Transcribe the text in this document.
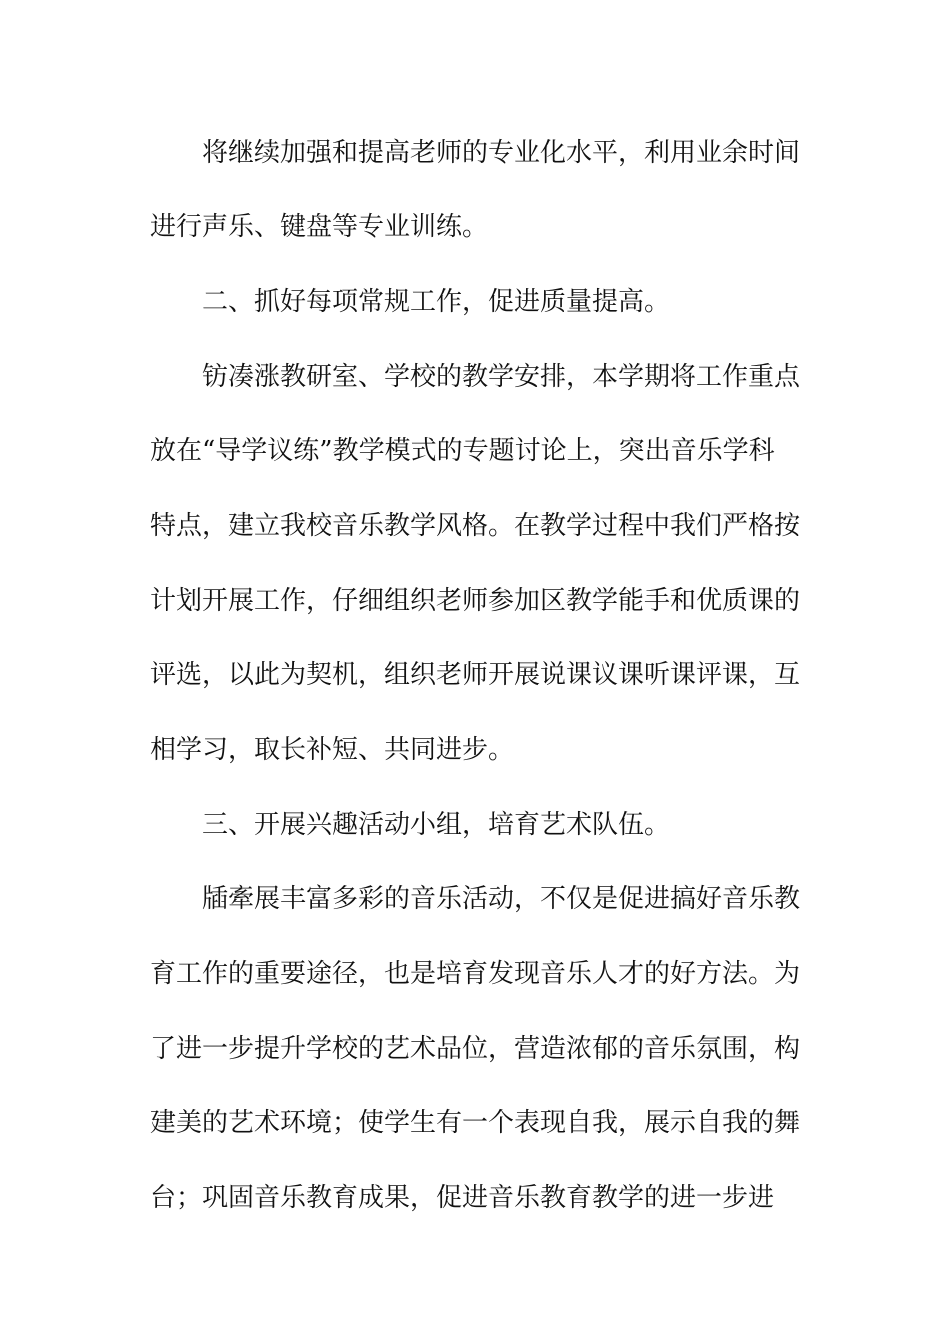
将继续加强和提高老师的专业化水平，利用业余时间
进行声乐、键盘等专业训练。
二、抓好每项常规工作，促进质量提高。
钫凑涨教研室、学校的教学安排，本学期将工作重点
放在“导学议练”教学模式的专题讨论上，突出音乐学科
特点，建立我校音乐教学风格。在教学过程中我们严格按
计划开展工作，仔细组织老师参加区教学能手和优质课的
评选，以此为契机，组织老师开展说课议课听课评课，互
相学习，取长补短、共同进步。
三、开展兴趣活动小组，培育艺术队伍。
牐牽展丰富多彩的音乐活动，不仅是促进搞好音乐教
育工作的重要途径，也是培育发现音乐人才的好方法。为
了进一步提升学校的艺术品位，营造浓郁的音乐氛围，构
建美的艺术环境；使学生有一个表现自我，展示自我的舞
台；巩固音乐教育成果，促进音乐教育教学的进一步进
